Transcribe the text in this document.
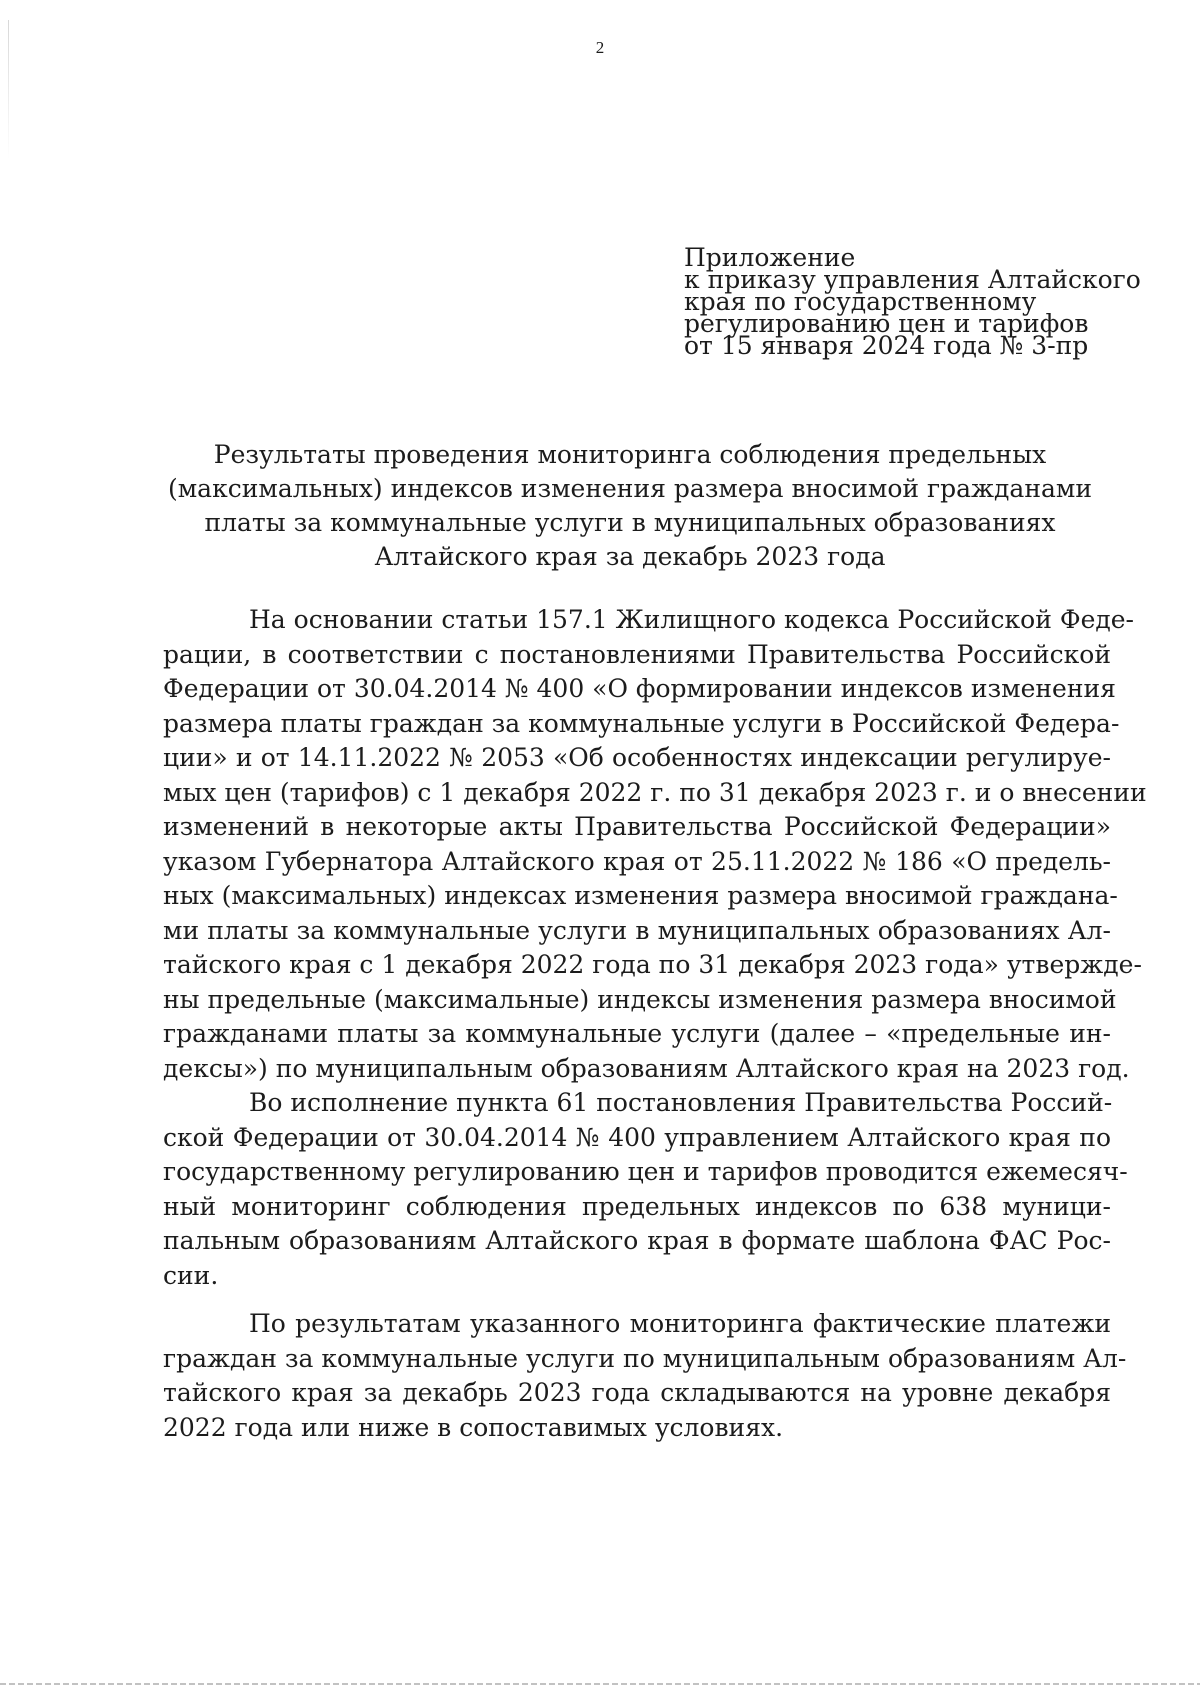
2
Приложение
к приказу управления Алтайского
края по государственному
регулированию цен и тарифов
от 15 января 2024 года № 3-пр
Результаты проведения мониторинга соблюдения предельных
(максимальных) индексов изменения размера вносимой гражданами
платы за коммунальные услуги в муниципальных образованиях
Алтайского края за декабрь 2023 года
На основании статьи 157.1 Жилищного кодекса Российской Феде-
рации, в соответствии с постановлениями Правительства Российской
Федерации от 30.04.2014 № 400 «О формировании индексов изменения
размера платы граждан за коммунальные услуги в Российской Федера-
ции» и от 14.11.2022 № 2053 «Об особенностях индексации регулируе-
мых цен (тарифов) с 1 декабря 2022 г. по 31 декабря 2023 г. и о внесении
изменений в некоторые акты Правительства Российской Федерации»
указом Губернатора Алтайского края от 25.11.2022 № 186 «О предель-
ных (максимальных) индексах изменения размера вносимой граждана-
ми платы за коммунальные услуги в муниципальных образованиях Ал-
тайского края с 1 декабря 2022 года по 31 декабря 2023 года» утвержде-
ны предельные (максимальные) индексы изменения размера вносимой
гражданами платы за коммунальные услуги (далее – «предельные ин-
дексы») по муниципальным образованиям Алтайского края на 2023 год.
Во исполнение пункта 61 постановления Правительства Россий-
ской Федерации от 30.04.2014 № 400 управлением Алтайского края по
государственному регулированию цен и тарифов проводится ежемесяч-
ный мониторинг соблюдения предельных индексов по 638 муници-
пальным образованиям Алтайского края в формате шаблона ФАС Рос-
сии.
По результатам указанного мониторинга фактические платежи
граждан за коммунальные услуги по муниципальным образованиям Ал-
тайского края за декабрь 2023 года складываются на уровне декабря
2022 года или ниже в сопоставимых условиях.
